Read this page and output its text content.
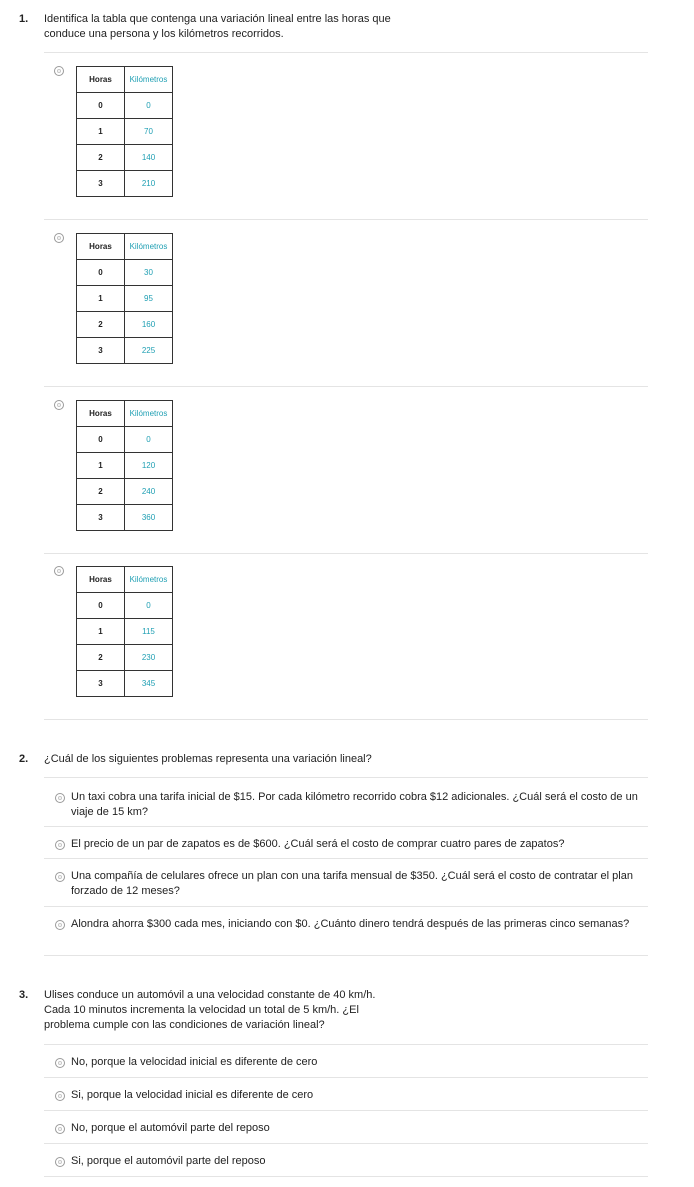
1. Identifica la tabla que contenga una variación lineal entre las horas que conduce una persona y los kilómetros recorridos.
Horas	Kilómetros
0	0
1	70
2	140
3	210
Horas	Kilómetros
0	30
1	95
2	160
3	225
Horas	Kilómetros
0	0
1	120
2	240
3	360
Horas	Kilómetros
0	0
1	115
2	230
3	345
2. ¿Cuál de los siguientes problemas representa una variación lineal?
Un taxi cobra una tarifa inicial de $15. Por cada kilómetro recorrido cobra $12 adicionales. ¿Cuál será el costo de un viaje de 15 km?
El precio de un par de zapatos es de $600. ¿Cuál será el costo de comprar cuatro pares de zapatos?
Una compañía de celulares ofrece un plan con una tarifa mensual de $350. ¿Cuál será el costo de contratar el plan forzado de 12 meses?
Alondra ahorra $300 cada mes, iniciando con $0. ¿Cuánto dinero tendrá después de las primeras cinco semanas?
3. Ulises conduce un automóvil a una velocidad constante de 40 km/h. Cada 10 minutos incrementa la velocidad un total de 5 km/h. ¿El problema cumple con las condiciones de variación lineal?
No, porque la velocidad inicial es diferente de cero
Si, porque la velocidad inicial es diferente de cero
No, porque el automóvil parte del reposo
Si, porque el automóvil parte del reposo
